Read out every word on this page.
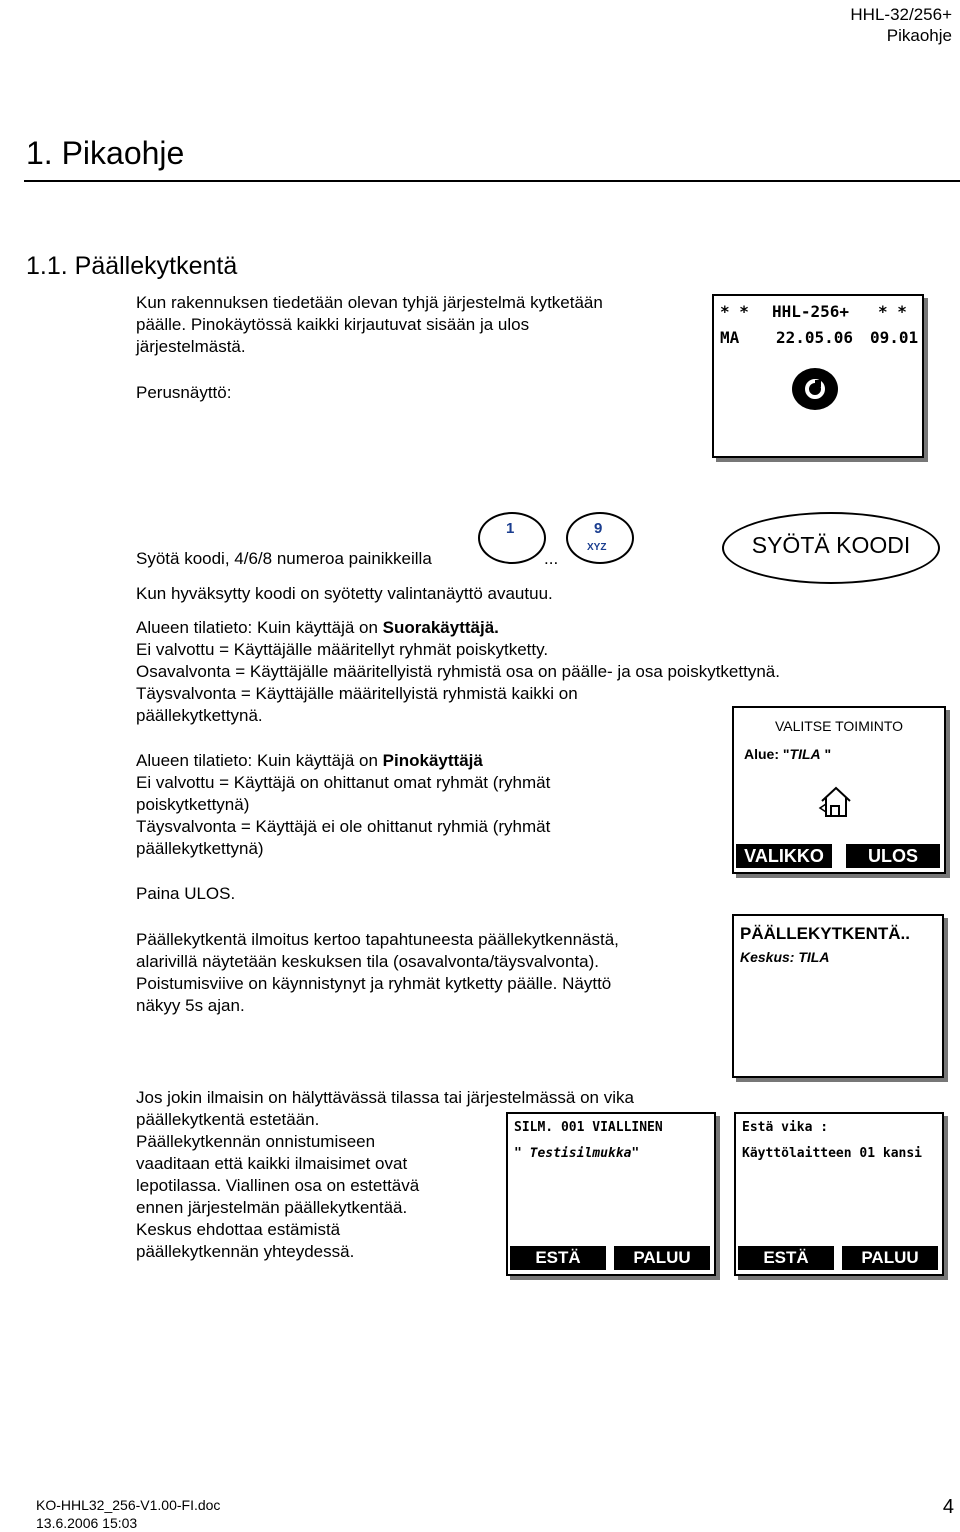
HHL-32/256+
Pikaohje
1. Pikaohje
1.1. Päällekytkentä
Kun rakennuksen tiedetään olevan tyhjä järjestelmä kytketään
päälle. Pinokäytössä kaikki kirjautuvat sisään ja ulos
järjestelmästä.
Perusnäyttö:
* * HHL-256+ * *
MA 22.05.06 09.01
Syötä koodi, 4/6/8 numeroa painikkeilla
1
...
9
XYZ	SYÖTÄ KOODI
Kun hyväksytty koodi on syötetty valintanäyttö avautuu.
Alueen tilatieto: Kuin käyttäjä on Suorakäyttäjä.
Ei valvottu = Käyttäjälle määritellyt ryhmät poiskytketty.
Osavalvonta = Käyttäjälle määritellyistä ryhmistä osa on päälle- ja osa poiskytkettynä.
Täysvalvonta = Käyttäjälle määritellyistä ryhmistä kaikki on
päällekytkettynä.
Alueen tilatieto: Kuin käyttäjä on Pinokäyttäjä
Ei valvottu = Käyttäjä on ohittanut omat ryhmät (ryhmät
poiskytkettynä)
Täysvalvonta = Käyttäjä ei ole ohittanut ryhmiä (ryhmät
päällekytkettynä)
VALITSE TOIMINTO
Alue: "TILA "
VALIKKO	ULOS
Paina ULOS.
Päällekytkentä ilmoitus kertoo tapahtuneesta päällekytkennästä,
alarivillä näytetään keskuksen tila (osavalvonta/täysvalvonta).
Poistumisviive on käynnistynyt ja ryhmät kytketty päälle. Näyttö
näkyy 5s ajan.
PÄÄLLEKYTKENTÄ..
Keskus: TILA
Jos jokin ilmaisin on hälyttävässä tilassa tai järjestelmässä on vika
päällekytkentä estetään.
Päällekytkennän onnistumiseen
vaaditaan että kaikki ilmaisimet ovat
lepotilassa. Viallinen osa on estettävä
ennen järjestelmän päällekytkentää.
Keskus ehdottaa estämistä
päällekytkennän yhteydessä.
SILM. 001 VIALLINEN
" Testisilmukka"
ESTÄ	PALUU
Estä vika :
Käyttölaitteen 01 kansi
ESTÄ	PALUU
KO-HHL32_256-V1.00-FI.doc
13.6.2006 15:03
4
